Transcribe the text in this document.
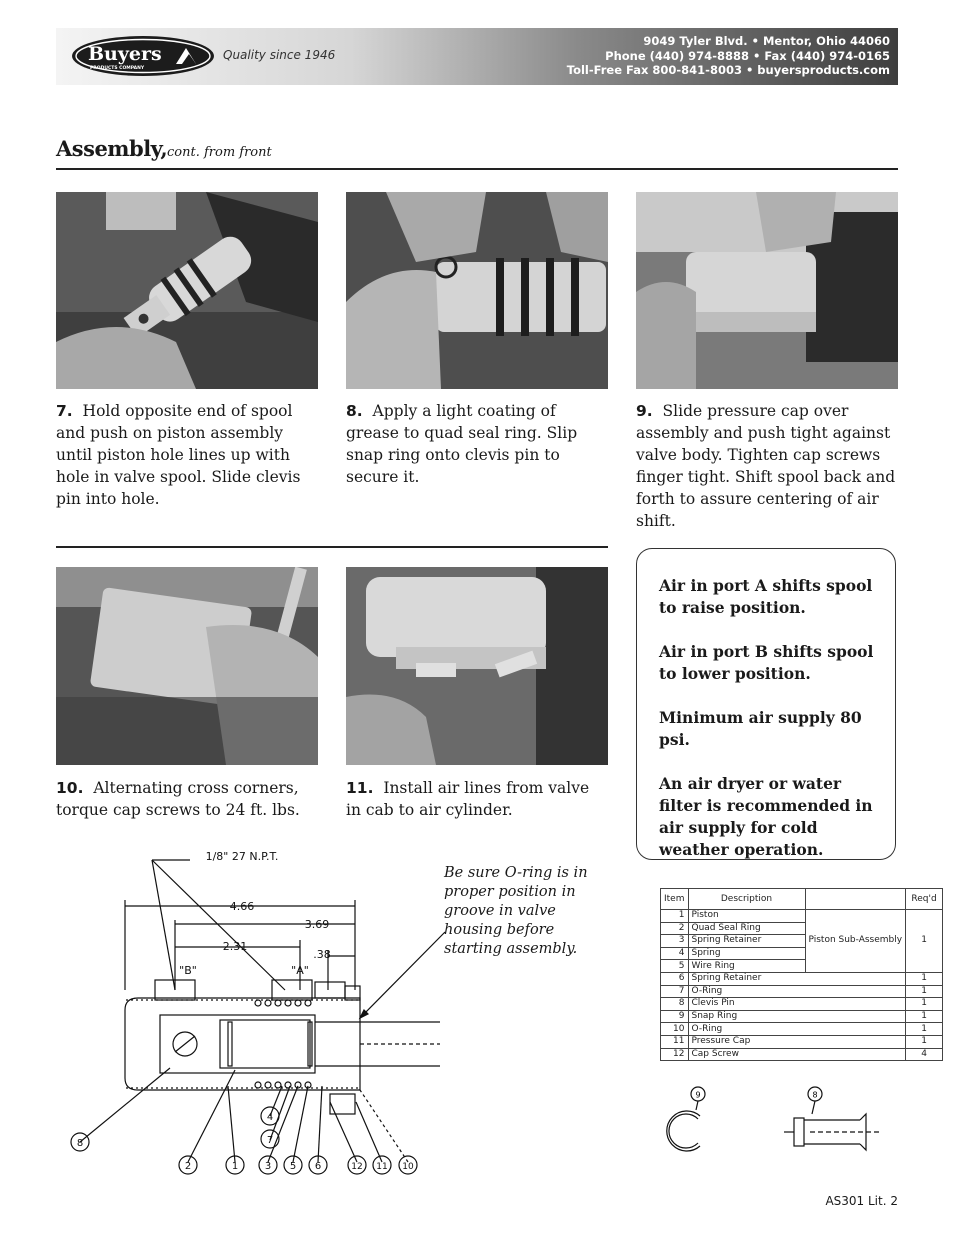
Buyers
PRODUCTS COMPANY
Quality since 1946
9049 Tyler Blvd. • Mentor, Ohio 44060
Phone (440) 974-8888 • Fax (440) 974-0165
Toll-Free Fax 800-841-8003 • buyersproducts.com
Assembly, cont. from front
7. Hold opposite end of spool and push on piston assembly until piston hole lines up with hole in valve spool. Slide clevis pin into hole.
8. Apply a light coating of grease to quad seal ring. Slip snap ring onto clevis pin to secure it.
9. Slide pressure cap over assembly and push tight against valve body. Tighten cap screws finger tight. Shift spool back and forth to assure centering of air shift.
10. Alternating cross corners, torque cap screws to 24 ft. lbs.
11. Install air lines from valve in cab to air cylinder.

Air in port A shifts spool to raise position.

Air in port B shifts spool to lower position.

Minimum air supply 80 psi.

An air dryer or water filter is recommended in air supply for cold weather operation.

Be sure O-ring is in proper position in groove in valve housing before starting assembly.
1/8" 27 N.P.T.
4.66
3.69
2.31
.38
"B"	"A"
8
2	1	3 5 6	12 11 10
4
7
Item	Description		Req'd
1	Piston	Piston Sub-Assembly	1
2	Quad Seal Ring		
3	Spring Retainer		
4	Spring		
5	Wire Ring		
6	Spring Retainer		1
7	O-Ring		1
8	Clevis Pin		1
9	Snap Ring		1
10	O-Ring		1
11	Pressure Cap		1
12	Cap Screw		4
9	8
AS301 Lit. 2
